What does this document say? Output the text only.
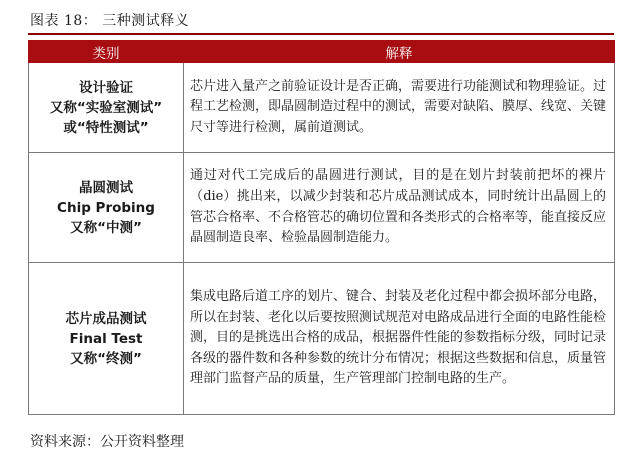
图表 18： 三种测试释义
类别	解释

设计验证
又称“实验室测试”
或“特性测试”	芯片进入量产之前验证设计是否正确，需要进行功能测试和物理验证。过程工艺检测，即晶圆制造过程中的测试，需要对缺陷、膜厚、线宽、关键尺寸等进行检测，属前道测试。

晶圆测试
Chip Probing
又称“中测”	通过对代工完成后的晶圆进行测试，目的是在划片封装前把坏的裸片（die）挑出来，以减少封装和芯片成品测试成本，同时统计出晶圆上的管芯合格率、不合格管芯的确切位置和各类形式的合格率等，能直接反应晶圆制造良率、检验晶圆制造能力。

芯片成品测试
Final Test
又称“终测”	集成电路后道工序的划片、键合、封装及老化过程中都会损坏部分电路，所以在封装、老化以后要按照测试规范对电路成品进行全面的电路性能检测，目的是挑选出合格的成品，根据器件性能的参数指标分级，同时记录各级的器件数和各种参数的统计分布情况；根据这些数据和信息，质量管理部门监督产品的质量，生产管理部门控制电路的生产。
资料来源：公开资料整理
